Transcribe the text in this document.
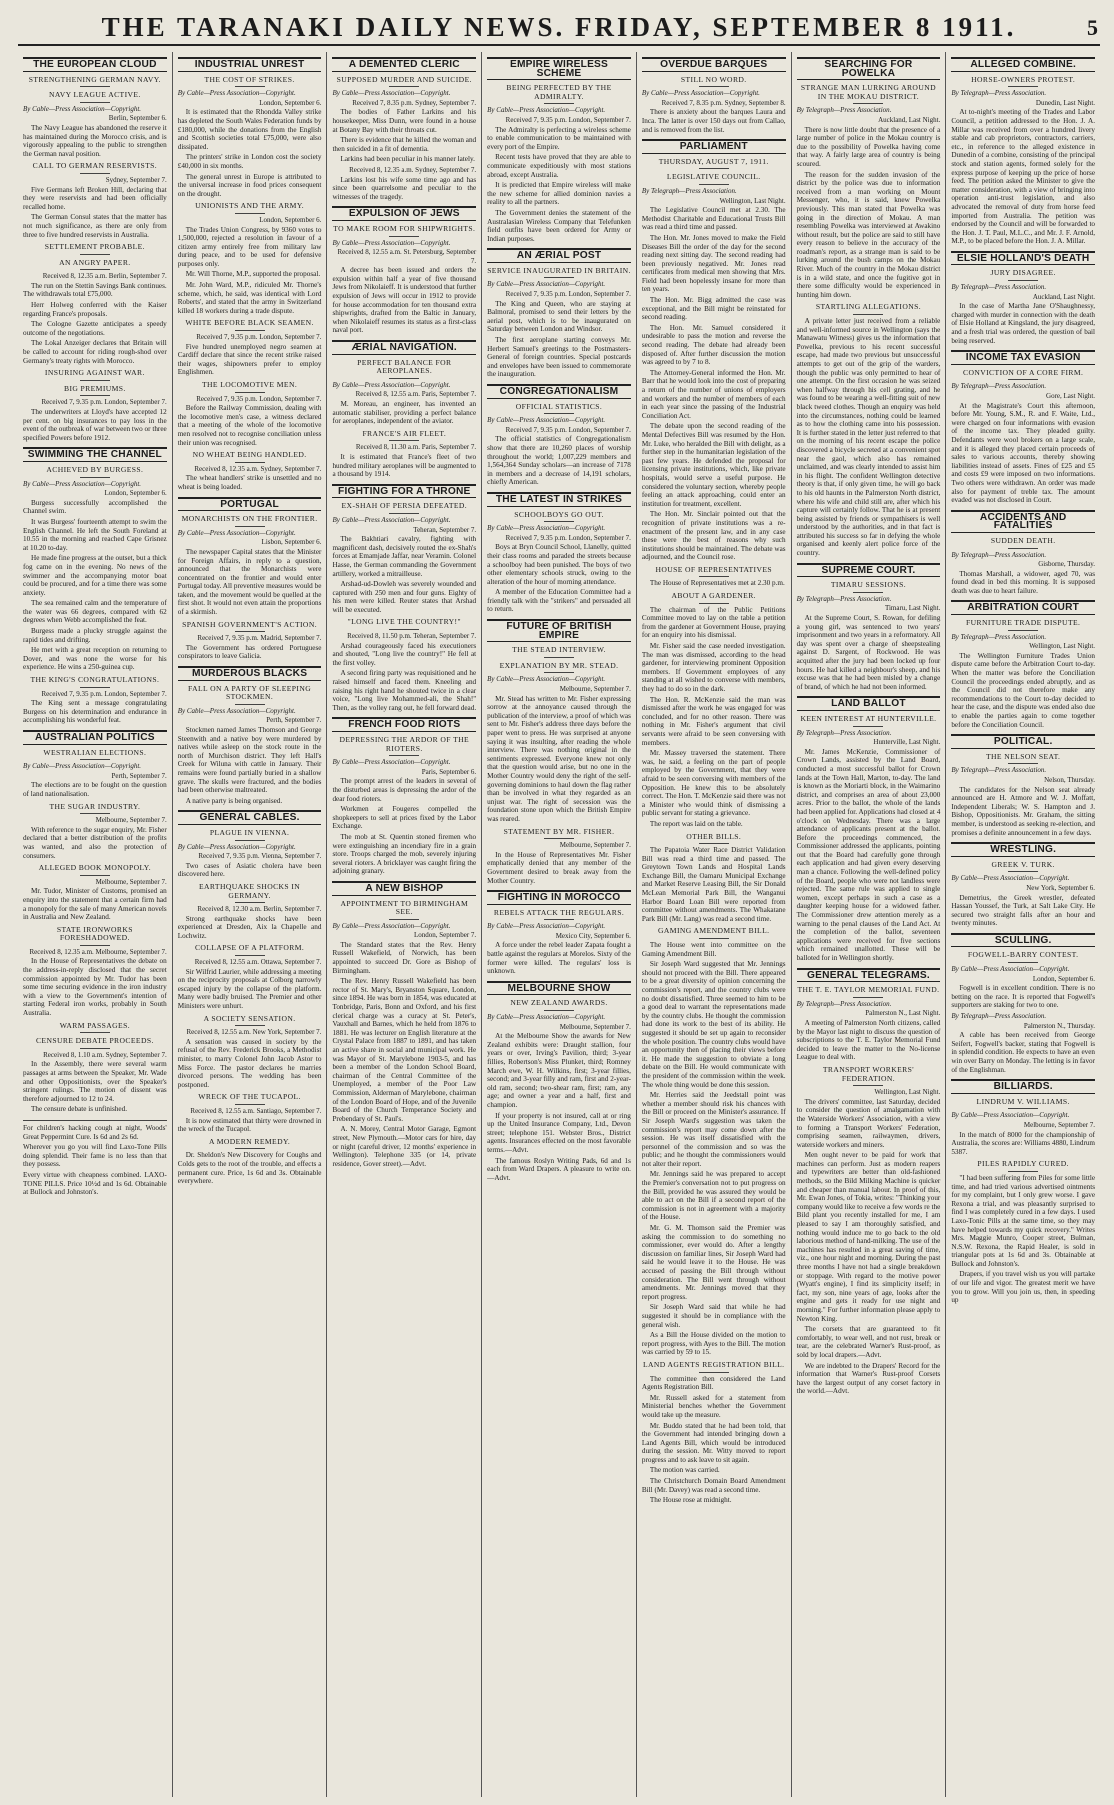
THE TARANAKI DAILY NEWS. FRIDAY, SEPTEMBER 8 1911.	5
THE EUROPEAN CLOUD
STRENGTHENING GERMAN NAVY.
NAVY LEAGUE ACTIVE.
By Cable—Press Association—Copyright.
Berlin, September 6.

The Navy League has abandoned the reserve it has maintained during the Morocco crisis, and is vigorously appealing to the public to strengthen the German naval position.

CALL TO GERMAN RESERVISTS.
Sydney, September 7.

Five Germans left Broken Hill, declaring that they were reservists and had been officially recalled home.

The German Consul states that the matter has not much significance, as there are only from three to five hundred reservists in Australia.

SETTLEMENT PROBABLE.
AN ANGRY PAPER.
Received 8, 12.35 a.m. Berlin, September 7.

The run on the Stettin Savings Bank continues. The withdrawals total £75,000.

Herr Holweg conferred with the Kaiser regarding France's proposals.

The Cologne Gazette anticipates a speedy outcome of the negotiations.

The Lokal Anzeiger declares that Britain will be called to account for riding rough-shod over Germany's treaty rights with Morocco.

INSURING AGAINST WAR.
BIG PREMIUMS.
Received 7, 9.35 p.m. London, September 7.

The underwriters at Lloyd's have accepted 12 per cent. on big insurances to pay loss in the event of the outbreak of war between two or three specified Powers before 1912.

SWIMMING THE CHANNEL
ACHIEVED BY BURGESS.
By Cable—Press Association—Copyright.
London, September 6.

Burgess successfully accomplished the Channel swim.

It was Burgess' fourteenth attempt to swim the English Channel. He left the South Foreland at 10.55 in the morning and reached Cape Grisnez at 10.20 to-day.

He made fine progress at the outset, but a thick fog came on in the evening. No news of the swimmer and the accompanying motor boat could be procured, and for a time there was some anxiety.

The sea remained calm and the temperature of the water was 66 degrees, compared with 62 degrees when Webb accomplished the feat.

Burgess made a plucky struggle against the rapid tides and drifting.

He met with a great reception on returning to Dover, and was none the worse for his experience. He wins a 250-guinea cup.

THE KING'S CONGRATULATIONS.
Received 7, 9.35 p.m. London, September 7.

The King sent a message congratulating Burgess on his determination and endurance in accomplishing his wonderful feat.

AUSTRALIAN POLITICS
WESTRALIAN ELECTIONS.
By Cable—Press Association—Copyright.
Perth, September 7.

The elections are to be fought on the question of land nationalisation.

THE SUGAR INDUSTRY.
Melbourne, September 7.

With reference to the sugar enquiry, Mr. Fisher declared that a better distribution of the profits was wanted, and also the protection of consumers.

ALLEGED BOOK MONOPOLY.
Melbourne, September 7.

Mr. Tudor, Minister of Customs, promised an enquiry into the statement that a certain firm had a monopoly for the sale of many American novels in Australia and New Zealand.

STATE IRONWORKS FORESHADOWED.
Received 8, 12.35 a.m. Melbourne, September 7.

In the House of Representatives the debate on the address-in-reply disclosed that the secret commission appointed by Mr. Tudor has been some time securing evidence in the iron industry with a view to the Government's intention of starting Federal iron works, probably in South Australia.

WARM PASSAGES.
CENSURE DEBATE PROCEEDS.
Received 8, 1.10 a.m. Sydney, September 7.

In the Assembly, there were several warm passages at arms between the Speaker, Mr. Wade and other Oppositionists, over the Speaker's stringent rulings. The motion of dissent was therefore adjourned to 12 to 24.

The censure debate is unfinished.

For children's hacking cough at night, Woods' Great Peppermint Cure. Is 6d and 2s 6d.

Wherever you go you will find Laxo-Tone Pills doing splendid. Their fame is no less than that they possess.

Every virtue with cheapness combined. LAXO-TONE PILLS. Price 10½d and 1s 6d. Obtainable at Bullock and Johnston's.

INDUSTRIAL UNREST
THE COST OF STRIKES.
By Cable—Press Association—Copyright.
London, September 6.

It is estimated that the Rhondda Valley strike has depleted the South Wales Federation funds by £180,000, while the donations from the English and Scottish societies total £75,000, were also dissipated.

The printers' strike in London cost the society £40,000 in six months.

The general unrest in Europe is attributed to the universal increase in food prices consequent on the drought.

UNIONISTS AND THE ARMY.
London, September 6.

The Trades Union Congress, by 9360 votes to 1,500,000, rejected a resolution in favour of a citizen army entirely free from military law during peace, and to be used for defensive purposes only.

Mr. Will Thorne, M.P., supported the proposal.

Mr. John Ward, M.P., ridiculed Mr. Thorne's scheme, which, he said, was identical with Lord Roberts', and stated that the army in Switzerland killed 18 workers during a trade dispute.

WHITE BEFORE BLACK SEAMEN.
Received 7, 9.35 p.m. London, September 7.

Five hundred unemployed negro seamen at Cardiff declare that since the recent strike raised their wages, shipowners prefer to employ Englishmen.

THE LOCOMOTIVE MEN.
Received 7, 9.35 p.m. London, September 7.

Before the Railway Commission, dealing with the locomotive men's case, a witness declared that a meeting of the whole of the locomotive men resolved not to recognise conciliation unless their union was recognised.

NO WHEAT BEING HANDLED.
Received 8, 12.35 a.m. Sydney, September 7.

The wheat handlers' strike is unsettled and no wheat is being loaded.

PORTUGAL
MONARCHISTS ON THE FRONTIER.
By Cable—Press Association—Copyright.
Lisbon, September 6.

The newspaper Capital states that the Minister for Foreign Affairs, in reply to a question, announced that the Monarchists were concentrated on the frontier and would enter Portugal today. All preventive measures would be taken, and the movement would be quelled at the first shot. It would not even attain the proportions of a skirmish.

SPANISH GOVERNMENT'S ACTION.
Received 7, 9.35 p.m. Madrid, September 7.

The Government has ordered Portuguese conspirators to leave Galicia.

MURDEROUS BLACKS
FALL ON A PARTY OF SLEEPING STOCKMEN.
By Cable—Press Association—Copyright.
Perth, September 7.

Stockmen named James Thomson and George Steenwith and a native boy were murdered by natives while asleep on the stock route in the north of Murchison district. They left Hall's Creek for Wiluna with cattle in January. Their remains were found partially buried in a shallow grave. The skulls were fractured, and the bodies had been otherwise maltreated.

A native party is being organised.

GENERAL CABLES.
PLAGUE IN VIENNA.
By Cable—Press Association—Copyright.
Received 7, 9.35 p.m. Vienna, September 7.

Two cases of Asiatic cholera have been discovered here.

EARTHQUAKE SHOCKS IN GERMANY.
Received 8, 12.30 a.m. Berlin, September 7.

Strong earthquake shocks have been experienced at Dresden, Aix la Chapelle and Lochwitz.

COLLAPSE OF A PLATFORM.
Received 8, 12.55 a.m. Ottawa, September 7.

Sir Wilfrid Laurier, while addressing a meeting on the reciprocity proposals at Colborg narrowly escaped injury by the collapse of the platform. Many were badly bruised. The Premier and other Ministers were unhurt.

A SOCIETY SENSATION.
Received 8, 12.55 a.m. New York, September 7.

A sensation was caused in society by the refusal of the Rev. Frederick Brooks, a Methodist minister, to marry Colonel John Jacob Astor to Miss Force. The pastor declares he marries divorced persons. The wedding has been postponed.

WRECK OF THE TUCAPOL.
Received 8, 12.55 a.m. Santiago, September 7.

It is now estimated that thirty were drowned in the wreck of the Tucapol.

A MODERN REMEDY.

Dr. Sheldon's New Discovery for Coughs and Colds gets to the root of the trouble, and effects a permanent cure. Price, 1s 6d and 3s. Obtainable everywhere.

A DEMENTED CLERIC
SUPPOSED MURDER AND SUICIDE.
By Cable—Press Association—Copyright.
Received 7, 8.35 p.m. Sydney, September 7.

The bodies of Father Larkins and his housekeeper, Miss Dunn, were found in a house at Botany Bay with their throats cut.

There is evidence that he killed the woman and then suicided in a fit of dementia.

Larkins had been peculiar in his manner lately.

Received 8, 12.35 a.m. Sydney, September 7.

Larkins lost his wife some time ago and has since been quarrelsome and peculiar to the witnesses of the tragedy.

EXPULSION OF JEWS
TO MAKE ROOM FOR SHIPWRIGHTS.
By Cable—Press Association—Copyright.
Received 8, 12.55 a.m. St. Petersburg, September 7.

A decree has been issued and orders the expulsion within half a year of five thousand Jews from Nikolaieff. It is understood that further expulsion of Jews will occur in 1912 to provide for house accommodation for ten thousand extra shipwrights, drafted from the Baltic in January, when Nikolaieff resumes its status as a first-class naval port.

ÆRIAL NAVIGATION.
PERFECT BALANCE FOR AEROPLANES.
By Cable—Press Association—Copyright.
Received 8, 12.55 a.m. Paris, September 7.

M. Moreau, an engineer, has invented an automatic stabiliser, providing a perfect balance for aeroplanes, independent of the aviator.

FRANCE'S AIR FLEET.
Received 8, 11.30 a.m. Paris, September 7.

It is estimated that France's fleet of two hundred military aeroplanes will be augmented to a thousand by 1914.

FIGHTING FOR A THRONE
EX-SHAH OF PERSIA DEFEATED.
By Cable—Press Association—Copyright.
Teheran, September 7.

The Bakhtiari cavalry, fighting with magnificent dash, decisively routed the ex-Shah's forces at Emamjade Jaffar, near Veramin. Colonel Hasse, the German commanding the Government artillery, worked a mitrailleuse.

Arshad-ud-Dowleh was severely wounded and captured with 250 men and four guns. Eighty of his men were killed. Reuter states that Arshad will be executed.

"LONG LIVE THE COUNTRY!"
Received 8, 11.50 p.m. Teheran, September 7.

Arshad courageously faced his executioners and shouted, "Long live the country!" He fell at the first volley.

A second firing party was requisitioned and he raised himself and faced them. Kneeling and raising his right hand he shouted twice in a clear voice, "Long live Mohammed-ali, the Shah!" Then, as the volley rang out, he fell forward dead.

FRENCH FOOD RIOTS
DEPRESSING THE ARDOR OF THE RIOTERS.
By Cable—Press Association—Copyright.
Paris, September 6.

The prompt arrest of the leaders in several of the disturbed areas is depressing the ardor of the dear food rioters.

Workmen at Fougeres compelled the shopkeepers to sell at prices fixed by the Labor Exchange.

The mob at St. Quentin stoned firemen who were extinguishing an incendiary fire in a grain store. Troops charged the mob, severely injuring several rioters. A bricklayer was caught firing the adjoining granary.

A NEW BISHOP
APPOINTMENT TO BIRMINGHAM SEE.
By Cable—Press Association—Copyright.
London, September 7.

The Standard states that the Rev. Henry Russell Wakefield, of Norwich, has been appointed to succeed Dr. Gore as Bishop of Birmingham.

The Rev. Henry Russell Wakefield has been rector of St. Mary's, Bryanston Square, London, since 1894. He was born in 1854, was educated at Tonbridge, Paris, Bonn and Oxford, and his first clerical charge was a curacy at St. Peter's, Vauxhall and Barnes, which he held from 1876 to 1881. He was lecturer on English literature at the Crystal Palace from 1887 to 1891, and has taken an active share in social and municipal work. He was Mayor of St. Marylebone 1903-5, and has been a member of the London School Board, chairman of the Central Committee of the Unemployed, a member of the Poor Law Commission, Alderman of Marylebone, chairman of the London Board of Hope, and of the Juvenile Board of the Church Temperance Society and Prebendary of St. Paul's.

A. N. Morey, Central Motor Garage, Egmont street, New Plymouth.—Motor cars for hire, day or night (careful driver, 12 months' experience in Wellington). Telephone 335 (or 14, private residence, Gover street).—Advt.

EMPIRE WIRELESS SCHEME
BEING PERFECTED BY THE ADMIRALTY.
By Cable—Press Association—Copyright.
Received 7, 9.35 p.m. London, September 7.

The Admiralty is perfecting a wireless scheme to enable communication to be maintained with every port of the Empire.

Recent tests have proved that they are able to communicate expeditiously with most stations abroad, except Australia.

It is predicted that Empire wireless will make the new scheme for allied dominion navies a reality to all the partners.

The Government denies the statement of the Australasian Wireless Company that Telefunken field outfits have been ordered for Army or Indian purposes.

AN ÆRIAL POST
SERVICE INAUGURATED IN BRITAIN.
By Cable—Press Association—Copyright.
Received 7, 9.35 p.m. London, September 7.

The King and Queen, who are staying at Balmoral, promised to send their letters by the aerial post, which is to be inaugurated on Saturday between London and Windsor.

The first aeroplane starting conveys Mr. Herbert Samuel's greetings to the Postmasters-General of foreign countries. Special postcards and envelopes have been issued to commemorate the inauguration.

CONGREGATIONALISM
OFFICIAL STATISTICS.
By Cable—Press Association—Copyright.
Received 7, 9.35 p.m. London, September 7.

The official statistics of Congregationalism show that there are 10,260 places of worship throughout the world; 1,007,229 members and 1,564,364 Sunday scholars—an increase of 7178 in members and a decrease of 14,191 scholars, chiefly American.

THE LATEST IN STRIKES
SCHOOLBOYS GO OUT.
By Cable—Press Association—Copyright.
Received 7, 9.35 p.m. London, September 7.

Boys at Bryn Council School, Llanelly, quitted their class rooms and paraded the streets because a schoolboy had been punished. The boys of two other elementary schools struck, owing to the alteration of the hour of morning attendance.

A member of the Education Committee had a friendly talk with the "strikers" and persuaded all to return.

FUTURE OF BRITISH EMPIRE
THE STEAD INTERVIEW.
EXPLANATION BY MR. STEAD.
By Cable—Press Association—Copyright.
Melbourne, September 7.

Mr. Stead has written to Mr. Fisher expressing sorrow at the annoyance caused through the publication of the interview, a proof of which was sent to Mr. Fisher's address three days before the paper went to press. He was surprised at anyone saying it was insulting, after reading the whole interview. There was nothing original in the sentiments expressed. Everyone knew not only that the question would arise, but no one in the Mother Country would deny the right of the self-governing dominions to haul down the flag rather than be involved in what they regarded as an unjust war. The right of secession was the foundation stone upon which the British Empire was reared.

STATEMENT BY MR. FISHER.
Melbourne, September 7.

In the House of Representatives Mr. Fisher emphatically denied that any member of the Government desired to break away from the Mother Country.

FIGHTING IN MOROCCO
REBELS ATTACK THE REGULARS.
By Cable—Press Association—Copyright.
Mexico City, September 6.

A force under the rebel leader Zapata fought a battle against the regulars at Morelos. Sixty of the former were killed. The regulars' loss is unknown.

MELBOURNE SHOW
NEW ZEALAND AWARDS.
By Cable—Press Association—Copyright.
Melbourne, September 7.

At the Melbourne Show the awards for New Zealand exhibits were: Draught stallion, four years or over, Irving's Pavilion, third; 3-year fillies, Robertson's Miss Plunket, third; Romney March ewe, W. H. Wilkins, first; 3-year fillies, second; and 3-year filly and ram, first and 2-year-old ram, second; two-shear ram, first; ram, any age; and owner a year and a half, first and champion.

If your property is not insured, call at or ring up the United Insurance Company, Ltd., Devon street; telephone 151. Webster Bros., District agents. Insurances effected on the most favorable terms.—Advt.

The famous Roslyn Writing Pads, 6d and 1s each from Ward Drapers. A pleasure to write on.—Advt.

OVERDUE BARQUES
STILL NO WORD.
By Cable—Press Association—Copyright.
Received 7, 8.35 p.m. Sydney, September 8.

There is anxiety about the barques Laura and Inca. The latter is over 150 days out from Callao, and is removed from the list.

PARLIAMENT
THURSDAY, AUGUST 7, 1911.
LEGISLATIVE COUNCIL.
By Telegraph—Press Association.
Wellington, Last Night.

The Legislative Council met at 2.30. The Methodist Charitable and Educational Trusts Bill was read a third time and passed.

The Hon. Mr. Jones moved to make the Field Diseases Bill the order of the day for the second reading next sitting day. The second reading had been previously negatived. Mr. Jones read certificates from medical men showing that Mrs. Field had been hopelessly insane for more than ten years.

The Hon. Mr. Bigg admitted the case was exceptional, and the Bill might be reinstated for second reading.

The Hon. Mr. Samuel considered it undesirable to pass the motion and reverse the second reading. The debate had already been disposed of. After further discussion the motion was agreed to by 7 to 8.

The Attorney-General informed the Hon. Mr. Barr that he would look into the cost of preparing a return of the number of unions of employers and workers and the number of members of each in each year since the passing of the Industrial Conciliation Act.

The debate upon the second reading of the Mental Defectives Bill was resumed by the Hon. Mr. Luke, who heralded the Bill with delight, as a further step in the humanitarian legislation of the past few years. He defended the proposal for licensing private institutions, which, like private hospitals, would serve a useful purpose. He considered the voluntary section, whereby people feeling an attack approaching, could enter an institution for treatment, excellent.

The Hon. Mr. Sinclair pointed out that the recognition of private institutions was a re-enactment of the present law, and in any case these were the best of reasons why such institutions should be maintained. The debate was adjourned, and the Council rose.

HOUSE OF REPRESENTATIVES

The House of Representatives met at 2.30 p.m.

ABOUT A GARDENER.

The chairman of the Public Petitions Committee moved to lay on the table a petition from the gardener at Government House, praying for an enquiry into his dismissal.

Mr. Fisher said the case needed investigation. The man was dismissed, according to the head gardener, for interviewing prominent Opposition members. If Government employees of any standing at all wished to converse with members, they had to do so in the dark.

The Hon. R. McKenzie said the man was dismissed after the work he was engaged for was concluded, and for no other reason. There was nothing in Mr. Fisher's argument that civil servants were afraid to be seen conversing with members.

Mr. Massey traversed the statement. There was, he said, a feeling on the part of people employed by the Government, that they were afraid to be seen conversing with members of the Opposition. He knew this to be absolutely correct. The Hon. T. McKenzie said there was not a Minister who would think of dismissing a public servant for stating a grievance.

The report was laid on the table.

OTHER BILLS.

The Papatoia Water Race District Validation Bill was read a third time and passed. The Greytown Town Lands and Hospital Lands Exchange Bill, the Oamaru Municipal Exchange and Market Reserve Leasing Bill, the Sir Donald McLean Memorial Park Bill, the Wanganui Harbor Board Loan Bill were reported from committee without amendments. The Whakatane Park Bill (Mr. Lang) was read a second time.

GAMING AMENDMENT BILL.

The House went into committee on the Gaming Amendment Bill.

Sir Joseph Ward suggested that Mr. Jennings should not proceed with the Bill. There appeared to be a great diversity of opinion concerning the commission's report, and the country clubs were no doubt dissatisfied. Three seemed to him to be a good deal to warrant the representations made by the country clubs. He thought the commission had done its work to the best of its ability. He suggested it should be set up again to reconsider the whole position. The country clubs would have an opportunity then of placing their views before it. He made the suggestion to obviate a long debate on the Bill. He would communicate with the president of the commission within the week. The whole thing would be done this session.

Mr. Herries said the Jeedstall point was whether a member should risk his chances with the Bill or proceed on the Minister's assurance. If Sir Joseph Ward's suggestion was taken the commission's report may come down after the session. He was itself dissatisfied with the personnel of the commission and so was the public; and he thought the commissioners would not alter their report.

Mr. Jennings said he was prepared to accept the Premier's conversation not to put progress on the Bill, provided he was assured they would be able to act on the Bill if a second report of the commission is not in agreement with a majority of the House.

Mr. G. M. Thomson said the Premier was asking the commission to do something no commissioner, ever would do. After a lengthy discussion on familiar lines, Sir Joseph Ward had said he would leave it to the House. He was accused of passing the Bill through without consideration. The Bill went through without amendments. Mr. Jennings moved that they report progress.

Sir Joseph Ward said that while he had suggested it should be in compliance with the general wish.

As a Bill the House divided on the motion to report progress, with Ayes to the Bill. The motion was carried by 59 to 15.

LAND AGENTS REGISTRATION BILL.

The committee then considered the Land Agents Registration Bill.

Mr. Russell asked for a statement from Ministerial benches whether the Government would take up the measure.

Mr. Buddo stated that he had been told, that the Government had intended bringing down a Land Agents Bill, which would be introduced during the session. Mr. Witty moved to report progress and to ask leave to sit again.

The motion was carried.

The Christchurch Domain Board Amendment Bill (Mr. Davey) was read a second time.

The House rose at midnight.

SEARCHING FOR POWELKA
STRANGE MAN LURKING AROUND IN THE MOKAU DISTRICT.
By Telegraph—Press Association.
Auckland, Last Night.

There is now little doubt that the presence of a large number of police in the Mokau country is due to the possibility of Powelka having come that way. A fairly large area of country is being scoured.

The reason for the sudden invasion of the district by the police was due to information received from a man working on Mount Messenger, who, it is said, knew Powelka previously. This man stated that Powelka was going in the direction of Mokau. A man resembling Powelka was interviewed at Awakino without result, but the police are said to still have every reason to believe in the accuracy of the roadman's report, as a strange man is said to be lurking around the bush camps on the Mokau River. Much of the country in the Mokau district is in a wild state, and once the fugitive got in there some difficulty would be experienced in hunting him down.

STARTLING ALLEGATIONS.

A private letter just received from a reliable and well-informed source in Wellington (says the Manawatu Witness) gives us the information that Powelka, previous to his recent successful escape, had made two previous but unsuccessful attempts to get out of the grip of the warders, though the public was only permitted to hear of one attempt. On the first occasion he was seized when halfway through his cell grating, and he was found to be wearing a well-fitting suit of new black tweed clothes. Though an enquiry was held into the circumstances, nothing could be learned as to how the clothing came into his possession. It is further stated in the letter just referred to that on the morning of his recent escape the police discovered a bicycle secreted at a convenient spot near the gaol, which also has remained unclaimed, and was clearly intended to assist him in his flight. The confident Wellington detective theory is that, if only given time, he will go back to his old haunts in the Palmerston North district, where his wife and child still are, after which his capture will certainly follow. That he is at present being assisted by friends or sympathisers is well understood by the authorities, and in that fact is attributed his success so far in defying the whole organised and keenly alert police force of the country.

SUPREME COURT.
TIMARU SESSIONS.
By Telegraph—Press Association.
Timaru, Last Night.

At the Supreme Court, S. Rowan, for defiling a young girl, was sentenced to two years' imprisonment and two years in a reformatory. All day was spent over a charge of sheepstealing against D. Sargent, of Rockwood. He was acquitted after the jury had been locked up four hours. He had killed a neighbour's sheep, and his excuse was that he had been misled by a change of brand, of which he had not been informed.

LAND BALLOT
KEEN INTEREST AT HUNTERVILLE.
By Telegraph—Press Association.
Hunterville, Last Night.

Mr. James McKenzie, Commissioner of Crown Lands, assisted by the Land Board, conducted a most successful ballot for Crown lands at the Town Hall, Marton, to-day. The land is known as the Moriarti block, in the Waimarino district, and comprises an area of about 23,000 acres. Prior to the ballot, the whole of the lands had been applied for. Applications had closed at 4 o'clock on Wednesday. There was a large attendance of applicants present at the ballot. Before the proceedings commenced, the Commissioner addressed the applicants, pointing out that the Board had carefully gone through each application and had given every deserving man a chance. Following the well-defined policy of the Board, people who were not landless were rejected. The same rule was applied to single women, except perhaps in such a case as a daughter keeping house for a widowed father. The Commissioner drew attention merely as a warning to the penal clauses of the Land Act. At the completion of the ballot, seventeen applications were received for five sections which remained unallotted. These will be balloted for in Wellington shortly.

GENERAL TELEGRAMS.
THE T. E. TAYLOR MEMORIAL FUND.
By Telegraph—Press Association.
Palmerston N., Last Night.

A meeting of Palmerston North citizens, called by the Mayor last night to discuss the question of subscriptions to the T. E. Taylor Memorial Fund decided to leave the matter to the No-license League to deal with.

TRANSPORT WORKERS' FEDERATION.
Wellington, Last Night.

The drivers' committee, last Saturday, decided to consider the question of amalgamation with the Waterside Workers' Association, with a view to forming a Transport Workers' Federation, comprising seamen, railwaymen, drivers, waterside workers and miners.

Men ought never to be paid for work that machines can perform. Just as modern reapers and typewriters are better than old-fashioned methods, so the Bild Milking Machine is quicker and cheaper than manual labour. In proof of this, Mr. Ewan Jones, of Tokia, writes: "Thinking your company would like to receive a few words re the Bild plant you recently installed for me, I am pleased to say I am thoroughly satisfied, and nothing would induce me to go back to the old laborious method of hand-milking. The use of the machines has resulted in a great saving of time, viz., one hour night and morning. During the past three months I have not had a single breakdown or stoppage. With regard to the motive power (Wyatt's engine), I find its simplicity itself; in fact, my son, nine years of age, looks after the engine and gets it ready for use night and morning." For further information please apply to Newton King.

The corsets that are guaranteed to fit comfortably, to wear well, and not rust, break or tear, are the celebrated Warner's Rust-proof, as sold by local drapers.—Advt.

We are indebted to the Drapers' Record for the information that Warner's Rust-proof Corsets have the largest output of any corset factory in the world.—Advt.

ALLEGED COMBINE.
HORSE-OWNERS PROTEST.
By Telegraph—Press Association.
Dunedin, Last Night.

At to-night's meeting of the Trades and Labor Council, a petition addressed to the Hon. J. A. Millar was received from over a hundred livery stable and cab proprietors, contractors, carriers, etc., in reference to the alleged existence in Dunedin of a combine, consisting of the principal stock and station agents, formed solely for the express purpose of keeping up the price of horse feed. The petition asked the Minister to give the matter consideration, with a view of bringing into operation anti-trust legislation, and also advocated the removal of duty from horse feed imported from Australia. The petition was endorsed by the Council and will be forwarded to the Hon. J. T. Paul, M.L.C., and Mr. J. F. Arnold, M.P., to be placed before the Hon. J. A. Millar.

ELSIE HOLLAND'S DEATH
JURY DISAGREE.
By Telegraph—Press Association.
Auckland, Last Night.

In the case of Martha Jane O'Shaughnessy, charged with murder in connection with the death of Elsie Holland at Kingsland, the jury disagreed, and a fresh trial was ordered, the question of bail being reserved.

INCOME TAX EVASION
CONVICTION OF A CORE FIRM.
By Telegraph—Press Association.
Gore, Last Night.

At the Magistrate's Court this afternoon, before Mr. Young, S.M., R. and F. Waite, Ltd., were charged on four informations with evasion of the income tax. They pleaded guilty. Defendants were wool brokers on a large scale, and it is alleged they placed certain proceeds of sales to various accounts, thereby showing liabilities instead of assets. Fines of £25 and £5 and costs £9 were imposed on two informations. Two others were withdrawn. An order was made also for payment of treble tax. The amount evaded was not disclosed in Court.

ACCIDENTS AND FATALITIES
SUDDEN DEATH.
By Telegraph—Press Association.
Gisborne, Thursday.

Thomas Marshall, a widower, aged 70, was found dead in bed this morning. It is supposed death was due to heart failure.

ARBITRATION COURT
FURNITURE TRADE DISPUTE.
By Telegraph—Press Association.
Wellington, Last Night.

The Wellington Furniture Trades Union dispute came before the Arbitration Court to-day. When the matter was before the Conciliation Council the proceedings ended abruptly, and as the Council did not therefore make any recommendations to the Court to-day decided to hear the case, and the dispute was ended also due to enable the parties again to come together before the Conciliation Council.

POLITICAL.
THE NELSON SEAT.
By Telegraph—Press Association.
Nelson, Thursday.

The candidates for the Nelson seat already announced are H. Atmore and W. J. Moffatt, Independent Liberals; W. S. Hampton and J. Bishop, Oppositionists. Mr. Graham, the sitting member, is understood as seeking re-election, and promises a definite announcement in a few days.

WRESTLING.
GREEK V. TURK.
By Cable—Press Association—Copyright.
New York, September 6.

Demetrius, the Greek wrestler, defeated Hassan Youssef, the Turk, at Salt Lake City. He secured two straight falls after an hour and twenty minutes.

SCULLING.
FOGWELL-BARRY CONTEST.
By Cable—Press Association—Copyright.
London, September 6.

Fogwell is in excellent condition. There is no betting on the race. It is reported that Fogwell's supporters are staking for two to one.

By Telegraph—Press Association.
Palmerston N., Thursday.

A cable has been received from George Seifert, Fogwell's backer, stating that Fogwell is in splendid condition. He expects to have an even win over Barry on Monday. The letting is in favor of the Englishman.

BILLIARDS.
LINDRUM V. WILLIAMS.
By Cable—Press Association—Copyright.
Melbourne, September 7.

In the match of 8000 for the championship of Australia, the scores are: Williams 4880, Lindrum 5387.

PILES RAPIDLY CURED.

"I had been suffering from Piles for some little time, and had tried various advertised ointments for my complaint, but I only grew worse. I gave Rexona a trial, and was pleasantly surprised to find I was completely cured in a few days. I used Laxo-Tonic Pills at the same time, so they may have helped towards my quick recovery." Writes Mrs. Maggie Munro, Cooper street, Bulman, N.S.W. Rexona, the Rapid Healer, is sold in triangular pots at 1s 6d and 3s. Obtainable at Bullock and Johnston's.

Drapers, if you travel wish us you will partake of our life and vigor. The greatest merit we have you to grow. Will you join us, then, in speeding up
